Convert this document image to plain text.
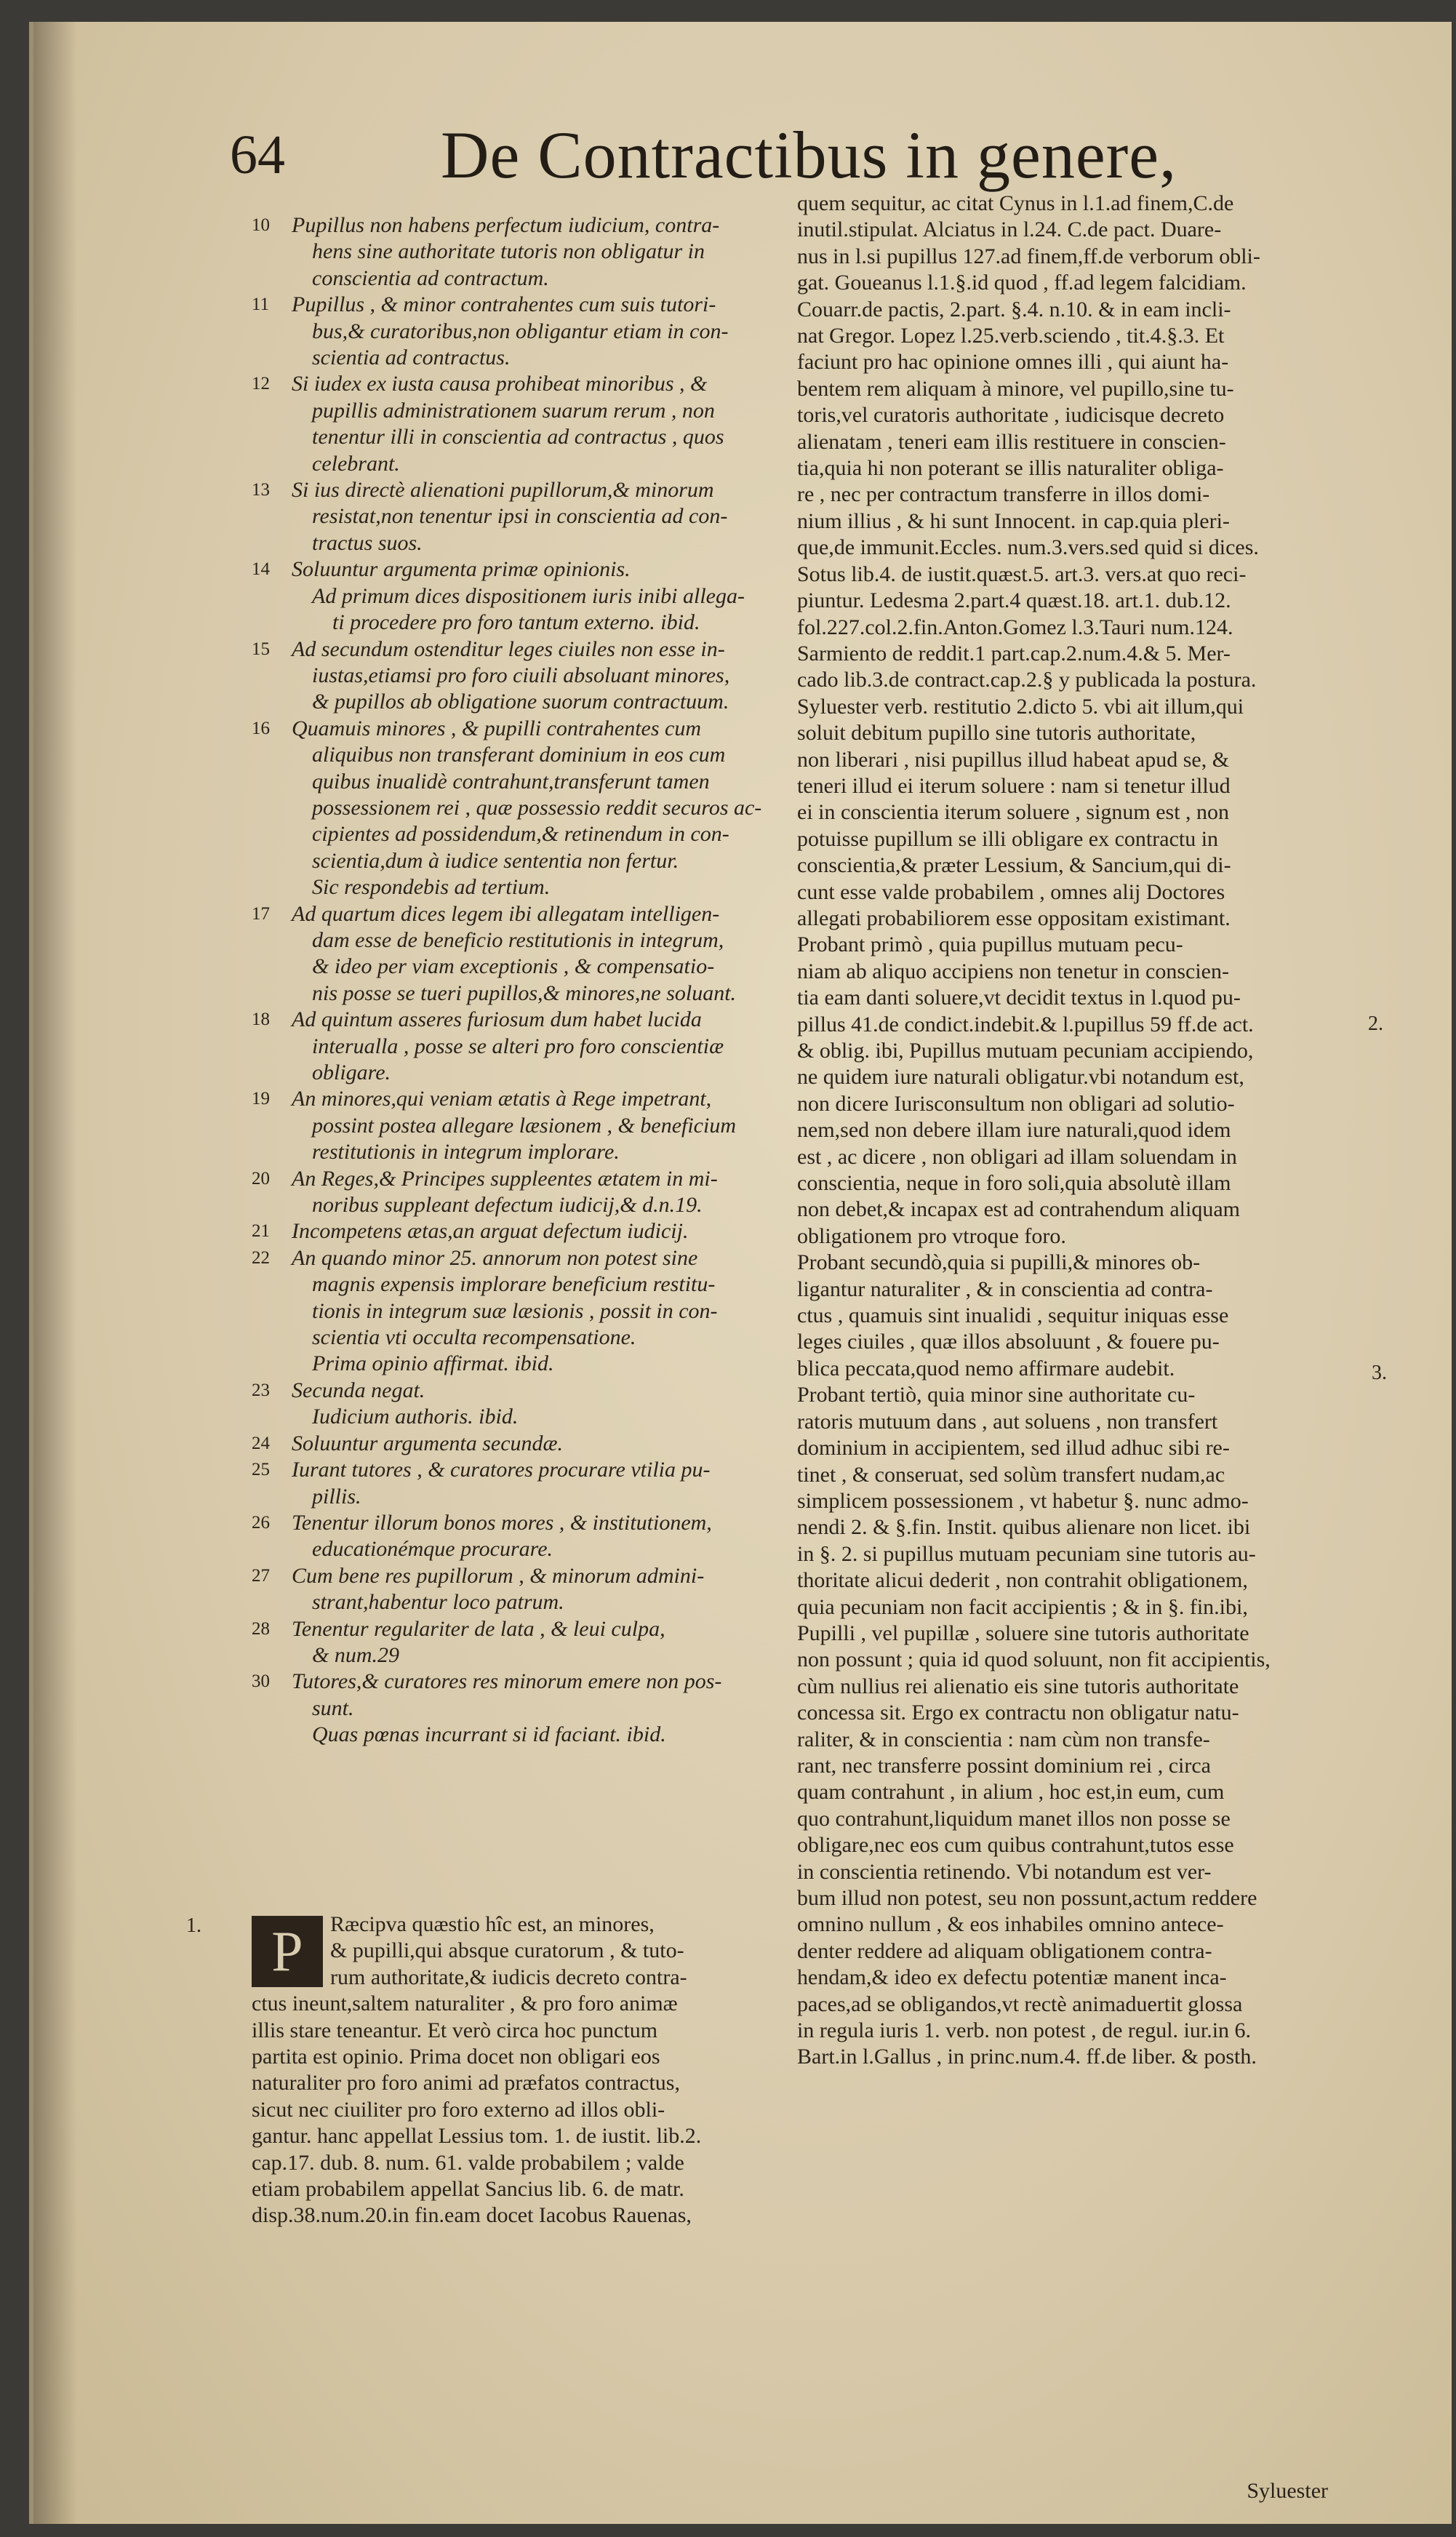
64 De Contractibus in genere,
10	Pupillus non habens perfectum iudicium, contra-
hens sine authoritate tutoris non obligatur in
conscientia ad contractum.
11	Pupillus , & minor contrahentes cum suis tutori-
bus,& curatoribus,non obligantur etiam in con-
scientia ad contractus.
12	Si iudex ex iusta causa prohibeat minoribus , &
pupillis administrationem suarum rerum , non
tenentur illi in conscientia ad contractus , quos
celebrant.
13	Si ius directè alienationi pupillorum,& minorum
resistat,non tenentur ipsi in conscientia ad con-
tractus suos.
14	Soluuntur argumenta primæ opinionis.
Ad primum dices dispositionem iuris inibi allega-
ti procedere pro foro tantum externo. ibid.
15	Ad secundum ostenditur leges ciuiles non esse in-
iustas,etiamsi pro foro ciuili absoluant minores,
& pupillos ab obligatione suorum contractuum.
16	Quamuis minores , & pupilli contrahentes cum
aliquibus non transferant dominium in eos cum
quibus inualidè contrahunt,transferunt tamen
possessionem rei , quæ possessio reddit securos ac-
cipientes ad possidendum,& retinendum in con-
scientia,dum à iudice sententia non fertur.
Sic respondebis ad tertium.
17	Ad quartum dices legem ibi allegatam intelligen-
dam esse de beneficio restitutionis in integrum,
& ideo per viam exceptionis , & compensatio-
nis posse se tueri pupillos,& minores,ne soluant.
18	Ad quintum asseres furiosum dum habet lucida
interualla , posse se alteri pro foro conscientiæ
obligare.
19	An minores,qui veniam ætatis à Rege impetrant,
possint postea allegare læsionem , & beneficium
restitutionis in integrum implorare.
20	An Reges,& Principes suppleentes ætatem in mi-
noribus suppleant defectum iudicij,& d.n.19.
21	Incompetens ætas,an arguat defectum iudicij.
22	An quando minor 25. annorum non potest sine
magnis expensis implorare beneficium restitu-
tionis in integrum suæ læsionis , possit in con-
scientia vti occulta recompensatione.
Prima opinio affirmat. ibid.
23	Secunda negat.
Iudicium authoris. ibid.
24	Soluuntur argumenta secundæ.
25	Iurant tutores , & curatores procurare vtilia pu-
pillis.
26	Tenentur illorum bonos mores , & institutionem,
educationémque procurare.
27	Cum bene res pupillorum , & minorum admini-
strant,habentur loco patrum.
28	Tenentur regulariter de lata , & leui culpa,
& num.29
30	Tutores,& curatores res minorum emere non pos-
sunt.
Quas pœnas incurrant si id faciant. ibid.
P	Ræcipva quæstio hîc est, an minores,
& pupilli,qui absque curatorum , & tuto-
rum authoritate,& iudicis decreto contra-
ctus ineunt,saltem naturaliter , & pro foro animæ
illis stare teneantur. Et verò circa hoc punctum
partita est opinio. Prima docet non obligari eos
naturaliter pro foro animi ad præfatos contractus,
sicut nec ciuiliter pro foro externo ad illos obli-
gantur. hanc appellat Lessius tom. 1. de iustit. lib.2.
cap.17. dub. 8. num. 61. valde probabilem ; valde
etiam probabilem appellat Sancius lib. 6. de matr.
disp.38.num.20.in fin.eam docet Iacobus Rauenas,
1.
quem sequitur, ac citat Cynus in l.1.ad finem,C.de
inutil.stipulat. Alciatus in l.24. C.de pact. Duare-
nus in l.si pupillus 127.ad finem,ff.de verborum obli-
gat. Goueanus l.1.§.id quod , ff.ad legem falcidiam.
Couarr.de pactis, 2.part. §.4. n.10. & in eam incli-
nat Gregor. Lopez l.25.verb.sciendo , tit.4.§.3. Et
faciunt pro hac opinione omnes illi , qui aiunt ha-
bentem rem aliquam à minore, vel pupillo,sine tu-
toris,vel curatoris authoritate , iudicisque decreto
alienatam , teneri eam illis restituere in conscien-
tia,quia hi non poterant se illis naturaliter obliga-
re , nec per contractum transferre in illos domi-
nium illius , & hi sunt Innocent. in cap.quia pleri-
que,de immunit.Eccles. num.3.vers.sed quid si dices.
Sotus lib.4. de iustit.quæst.5. art.3. vers.at quo reci-
piuntur. Ledesma 2.part.4 quæst.18. art.1. dub.12.
fol.227.col.2.fin.Anton.Gomez l.3.Tauri num.124.
Sarmiento de reddit.1 part.cap.2.num.4.& 5. Mer-
cado lib.3.de contract.cap.2.§ y publicada la postura.
Syluester verb. restitutio 2.dicto 5. vbi ait illum,qui
soluit debitum pupillo sine tutoris authoritate,
non liberari , nisi pupillus illud habeat apud se, &
teneri illud ei iterum soluere : nam si tenetur illud
ei in conscientia iterum soluere , signum est , non
potuisse pupillum se illi obligare ex contractu in
conscientia,& præter Lessium, & Sancium,qui di-
cunt esse valde probabilem , omnes alij Doctores
allegati probabiliorem esse oppositam existimant.
Probant primò , quia pupillus mutuam pecu-
niam ab aliquo accipiens non tenetur in conscien-
tia eam danti soluere,vt decidit textus in l.quod pu-
pillus 41.de condict.indebit.& l.pupillus 59 ff.de act.
& oblig. ibi, Pupillus mutuam pecuniam accipiendo,
ne quidem iure naturali obligatur.vbi notandum est,
non dicere Iurisconsultum non obligari ad solutio-
nem,sed non debere illam iure naturali,quod idem
est , ac dicere , non obligari ad illam soluendam in
conscientia, neque in foro soli,quia absolutè illam
non debet,& incapax est ad contrahendum aliquam
obligationem pro vtroque foro.
Probant secundò,quia si pupilli,& minores ob-
ligantur naturaliter , & in conscientia ad contra-
ctus , quamuis sint inualidi , sequitur iniquas esse
leges ciuiles , quæ illos absoluunt , & fouere pu-
blica peccata,quod nemo affirmare audebit.
Probant tertiò, quia minor sine authoritate cu-
ratoris mutuum dans , aut soluens , non transfert
dominium in accipientem, sed illud adhuc sibi re-
tinet , & conseruat, sed solùm transfert nudam,ac
simplicem possessionem , vt habetur §. nunc admo-
nendi 2. & §.fin. Instit. quibus alienare non licet. ibi
in §. 2. si pupillus mutuam pecuniam sine tutoris au-
thoritate alicui dederit , non contrahit obligationem,
quia pecuniam non facit accipientis ; & in §. fin.ibi,
Pupilli , vel pupillæ , soluere sine tutoris authoritate
non possunt ; quia id quod soluunt, non fit accipientis,
cùm nullius rei alienatio eis sine tutoris authoritate
concessa sit. Ergo ex contractu non obligatur natu-
raliter, & in conscientia : nam cùm non transfe-
rant, nec transferre possint dominium rei , circa
quam contrahunt , in alium , hoc est,in eum, cum
quo contrahunt,liquidum manet illos non posse se
obligare,nec eos cum quibus contrahunt,tutos esse
in conscientia retinendo. Vbi notandum est ver-
bum illud non potest, seu non possunt,actum reddere
omnino nullum , & eos inhabiles omnino antece-
denter reddere ad aliquam obligationem contra-
hendam,& ideo ex defectu potentiæ manent inca-
paces,ad se obligandos,vt rectè animaduertit glossa
in regula iuris 1. verb. non potest , de regul. iur.in 6.
Bart.in l.Gallus , in princ.num.4. ff.de liber. & posth.
2.
3.
Syluester
